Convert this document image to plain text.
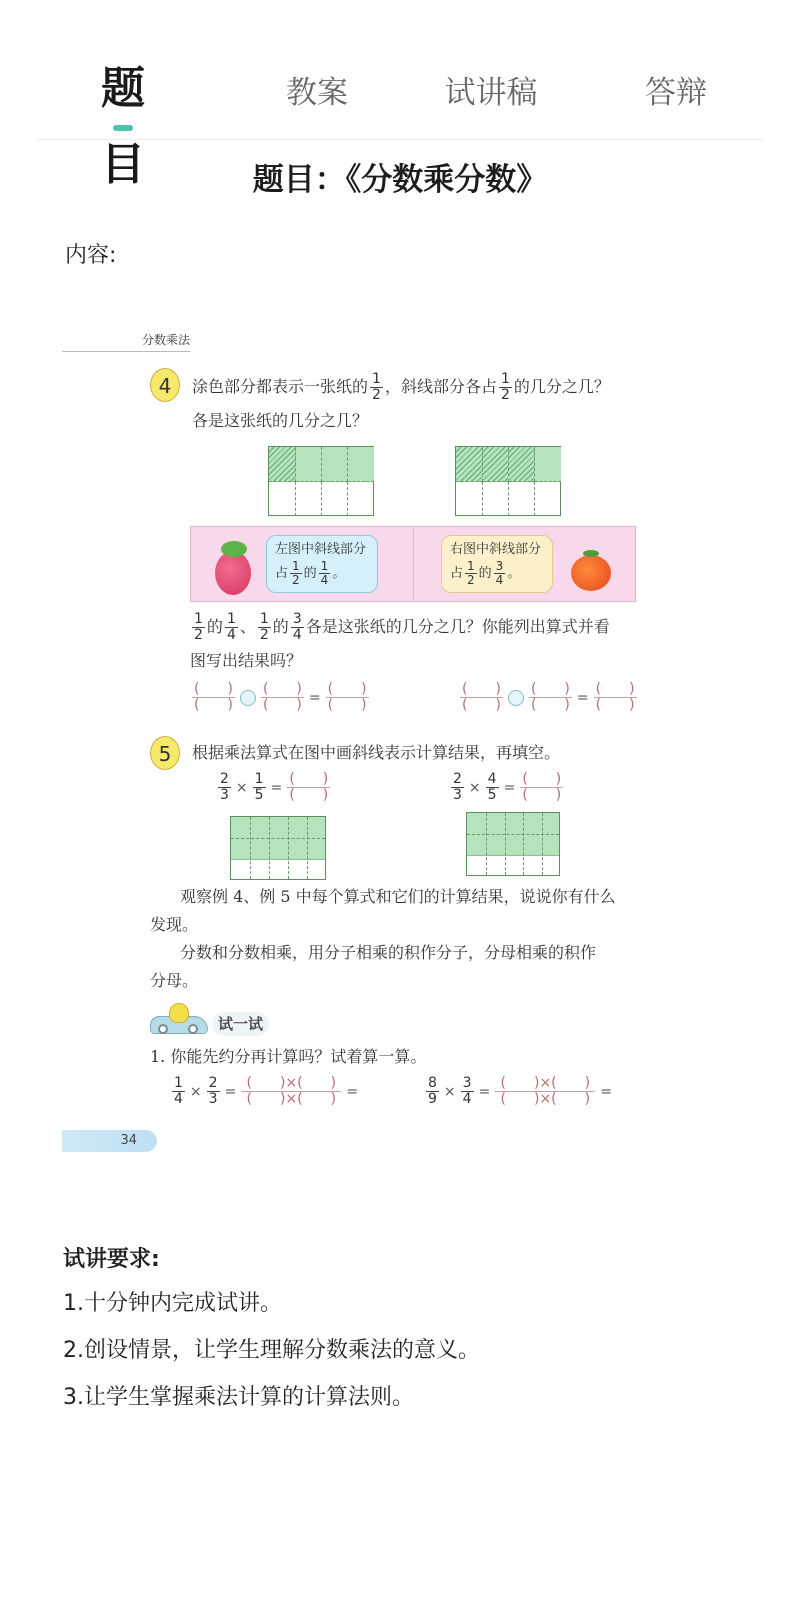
题目
教案	试讲稿	答辩
题目：《分数乘分数》
内容:
分数乘法
4	涂色部分都表示一张纸的 $\frac{1}{2}$ ，斜线部分各占 $\frac{1}{2}$ 的几分之几？
各是这张纸的几分之几？
左图中斜线部分
占 $\frac{1}{2}$ 的 $\frac{1}{4}$ 。
右图中斜线部分
占 $\frac{1}{2}$ 的 $\frac{3}{4}$ 。
$\frac{1}{2}$ 的 $\frac{1}{4}$ 、 $\frac{1}{2}$ 的 $\frac{3}{4}$ 各是这张纸的几分之几？你能列出算式并看
图写出结果吗？
$\frac{( )}{( )} \frac{( )}{( )} = \frac{( )}{( )}$	$\frac{( )}{( )} \frac{( )}{( )} = \frac{( )}{( )}$
5	根据乘法算式在图中画斜线表示计算结果，再填空。
$\frac{2}{3} \times \frac{1}{5} = \frac{( )}{( )}$	$\frac{2}{3} \times \frac{4}{5} = \frac{( )}{( )}$
观察例 4、例 5 中每个算式和它们的计算结果，说说你有什么
发现。
分数和分数相乘，用分子相乘的积作分子，分母相乘的积作
分母。
试一试
1. 你能先约分再计算吗？试着算一算。
$\frac{1}{4} \times \frac{2}{3} = \frac{( )\times( )}{( )\times( )}$ =	$\frac{8}{9} \times \frac{3}{4} = \frac{( )\times( )}{( )\times( )}$ =
34
试讲要求:
1.十分钟内完成试讲。
2.创设情景，让学生理解分数乘法的意义。
3.让学生掌握乘法计算的计算法则。
